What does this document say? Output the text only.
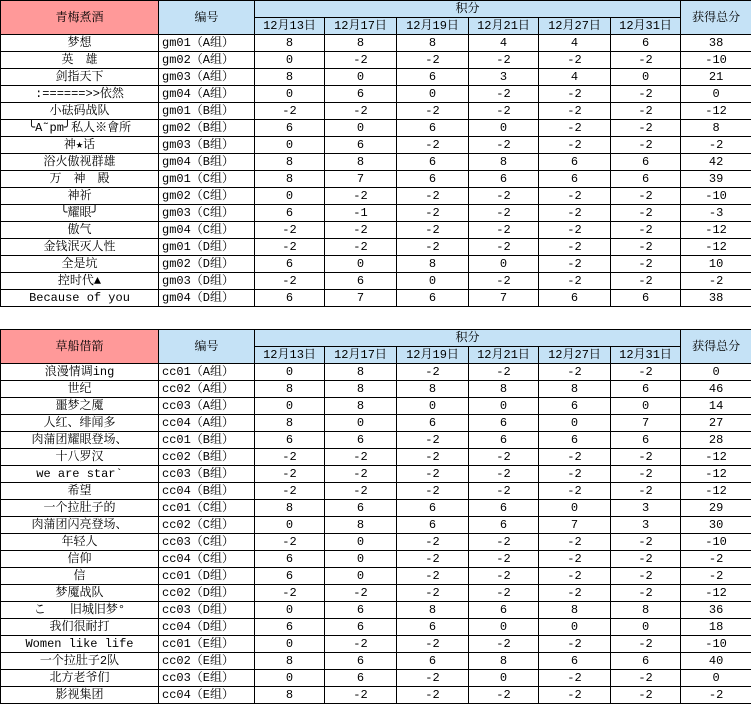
青梅煮酒	编号	积分						获得总分
		12月13日	12月17日	12月19日	12月21日	12月27日	12月31日	
梦想	gm01（A组）	8	8	8	4	4	6	38
英　雄	gm02（A组）	0	-2	-2	-2	-2	-2	-10
剑指天下	gm03（A组）	8	0	6	3	4	0	21
:======>>依然	gm04（A组）	0	6	0	-2	-2	-2	0
小砝码战队	gm01（B组）	-2	-2	-2	-2	-2	-2	-12
╰A˜pm╯私人※會所	gm02（B组）	6	0	6	0	-2	-2	8
神★话	gm03（B组）	0	6	-2	-2	-2	-2	-2
浴火傲视群雄	gm04（B组）	8	8	6	8	6	6	42
万　神　殿	gm01（C组）	8	7	6	6	6	6	39
神祈	gm02（C组）	0	-2	-2	-2	-2	-2	-10
╰耀眼╯	gm03（C组）	6	-1	-2	-2	-2	-2	-3
傲气	gm04（C组）	-2	-2	-2	-2	-2	-2	-12
金钱泯灭人性	gm01（D组）	-2	-2	-2	-2	-2	-2	-12
全是坑	gm02（D组）	6	0	8	0	-2	-2	10
控时代▲	gm03（D组）	-2	6	0	-2	-2	-2	-2
Because of you	gm04（D组）	6	7	6	7	6	6	38
草船借箭	编号	积分						获得总分
		12月13日	12月17日	12月19日	12月21日	12月27日	12月31日	
浪漫情调ing	cc01（A组）	0	8	-2	-2	-2	-2	0
世纪	cc02（A组）	8	8	8	8	8	6	46
噩梦之魇	cc03（A组）	0	8	0	0	6	0	14
人红、绯闻多	cc04（A组）	8	0	6	6	0	7	27
肉蒲团耀眼登场、	cc01（B组）	6	6	-2	6	6	6	28
十八罗汉	cc02（B组）	-2	-2	-2	-2	-2	-2	-12
we are star`	cc03（B组）	-2	-2	-2	-2	-2	-2	-12
希望	cc04（B组）	-2	-2	-2	-2	-2	-2	-12
一个拉肚子的	cc01（C组）	8	6	6	6	0	3	29
肉蒲团闪亮登场、	cc02（C组）	0	8	6	6	7	3	30
年轻人	cc03（C组）	-2	0	-2	-2	-2	-2	-10
信仰	cc04（C组）	6	0	-2	-2	-2	-2	-2
信	cc01（D组）	6	0	-2	-2	-2	-2	-2
梦魇战队	cc02（D组）	-2	-2	-2	-2	-2	-2	-12
こ　　旧城旧梦°	cc03（D组）	0	6	8	6	8	8	36
我们很耐打	cc04（D组）	6	6	6	0	0	0	18
Women like life	cc01（E组）	0	-2	-2	-2	-2	-2	-10
一个拉肚子2队	cc02（E组）	8	6	6	8	6	6	40
北方老爷们	cc03（E组）	0	6	-2	0	-2	-2	0
影视集团	cc04（E组）	8	-2	-2	-2	-2	-2	-2
